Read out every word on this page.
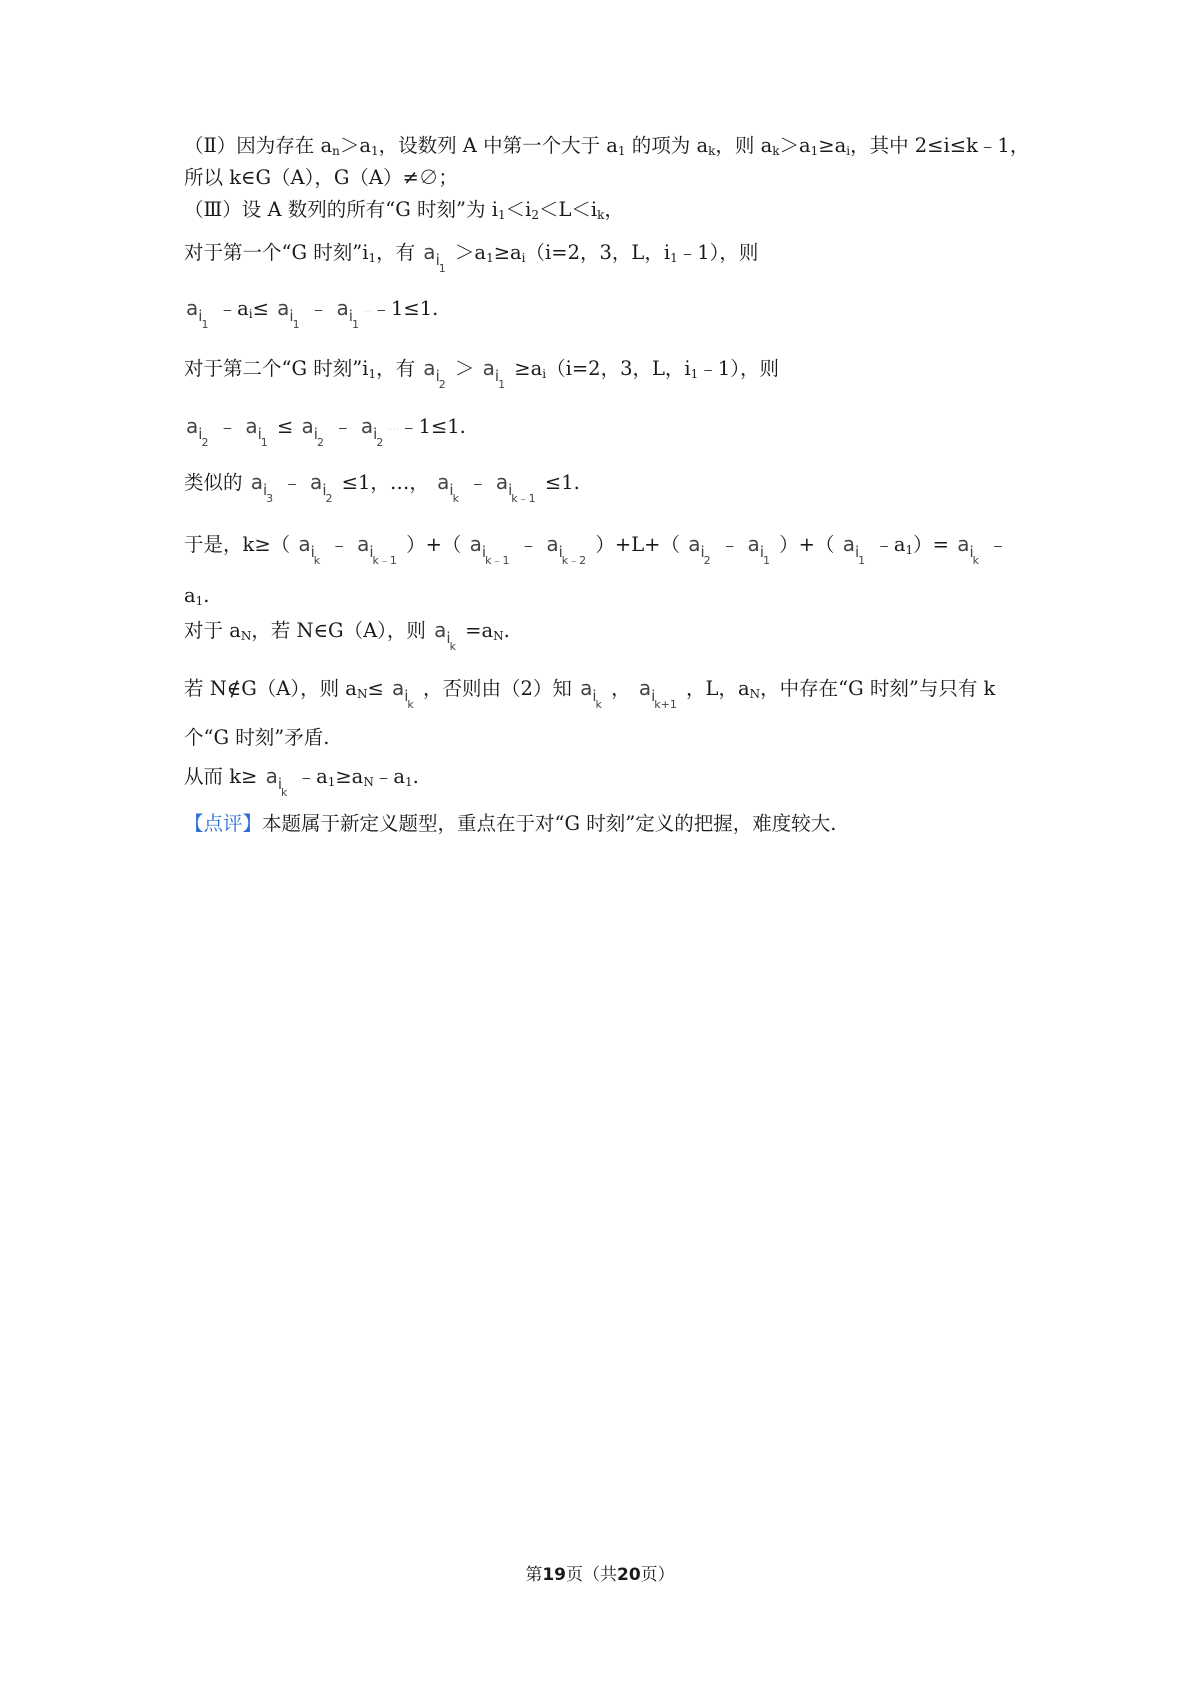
（Ⅱ）因为存在 $a_n>a_1$，设数列 A 中第一个大于 $a_1$ 的项为 $a_k$，则 $a_k>a_1\ge a_i$，其中 2≤i≤k﹣1，
所以 k∈G（A），G（A）≠∅；
（Ⅲ）设 A 数列的所有“G 时刻”为 $i_1<i_2<L<i_k$，
对于第一个“G 时刻$”i_1$，有 $a_{i1} >a_1\ge a_i(i=2$，3，L，$i_1﹣1$），则
$a_{i1}$ $﹣a_i\le a_{i1}$ ﹣ $a_{i1}\cdot\cdot\cdot﹣1\le 1$.
对于第二个“G 时刻$”i_1$，有 $a_{i2} > a_{i1} \ge a_i(i=2$，3，L，$i_1﹣1$），则
$a_{i2}$ ﹣ $a_{i1} \le a_{i2}$ ﹣ $a_{i2}\cdot\cdot\cdot\cdot﹣1\le 1$.
类似的 $a_{i3}$ ﹣ $a_{i2} \le 1$，…， $a_{ik}$ ﹣ $a_{ik﹣1} \le 1$.
于是，k≥（ $a_{ik}$ ﹣ $a_{ik﹣1}$ ）+（ $a_{ik﹣1}$ ﹣ $a_{ik﹣2}$ ）+L+（ $a_{i2}$ ﹣ $a_{i1}$ ）+（ $a_{i1}$ $﹣a_1)= a_{ik}$ ﹣
$a_1$.
对于 $a_N$，若 N∈G（A），则 $a_{ik} =a_N$.
若 N∉G（A），则 $a_N\le a_{ik}$ ，否则由（2）知 $a_{ik}$ ， $a_{ik+1}$ ，L，$a_N$，中存在“G 时刻”与只有 k
个“G 时刻”矛盾.
从而 $k\ge a_{ik}$ $﹣a_1\ge a_N﹣a_1$.
【点评】本题属于新定义题型，重点在于对“G 时刻”定义的把握，难度较大.
第19页（共20页）
